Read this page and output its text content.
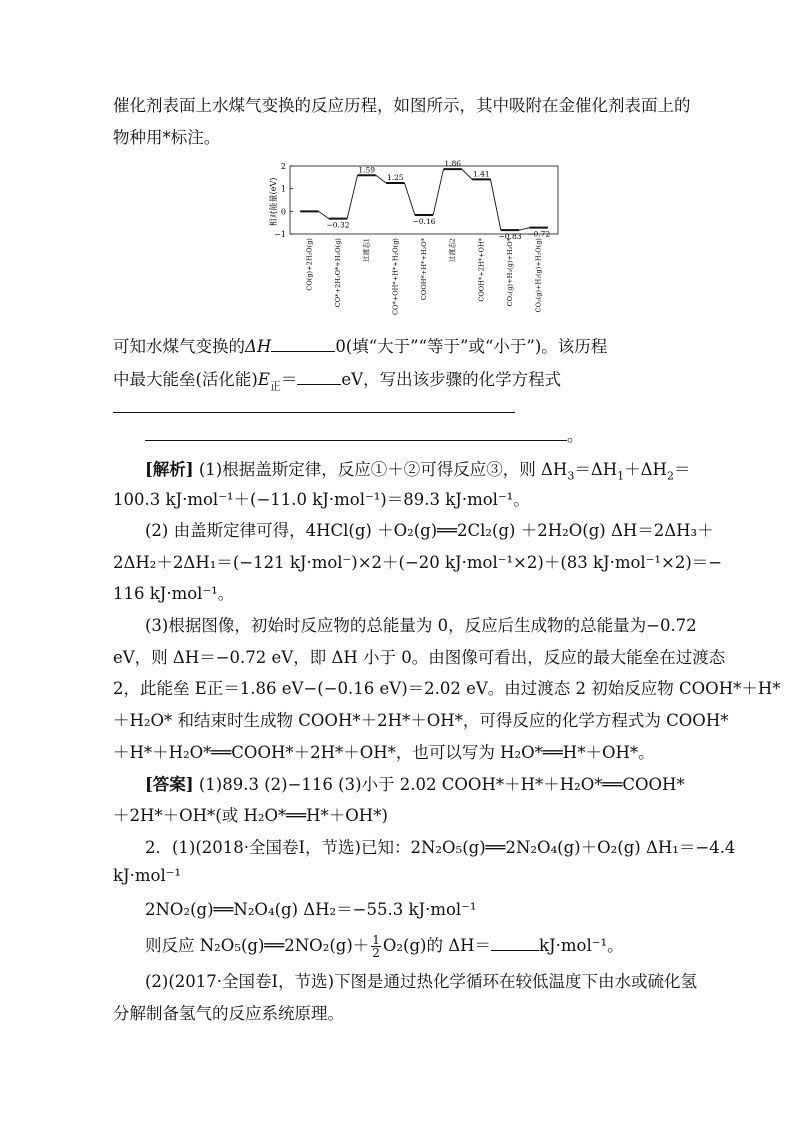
催化剂表面上水煤气变换的反应历程，如图所示，其中吸附在金催化剂表面上的
物种用*标注。
相对能量(eV)
2
1
0
−1
CO(g)+2H₂O(g)
−0.32
CO*+2H₂O*+H₂O(g)
1.59
过渡态1
1.25
CO*+OH*+H*+H₂O(g)
−0.16
COOH*+H*+H₂O*
1.86
过渡态2
1.41
COOH*+2H*+OH*
−0.83
CO₂(g)+H₂(g)+H₂O*
−0.72
CO₂(g)+H₂(g)+H₂O(g)
可知水煤气变换的ΔH	0(填“大于”“等于”或“小于”)。该历程
中最大能垒(活化能)$E_正=$	eV，写出该步骤的化学方程式
。
[解析] (1)根据盖斯定律，反应①＋②可得反应③，则 $\Delta H_3=\Delta H_1+\Delta H_2=$
100.3 kJ·mol⁻¹＋(−11.0 kJ·mol⁻¹)＝89.3 kJ·mol⁻¹。
(2) 由盖斯定律可得，4HCl(g) ＋O₂(g)══2Cl₂(g) ＋2H₂O(g) ΔH＝2ΔH₃＋
2ΔH₂＋2ΔH₁＝(−121 kJ·mol⁻)×2＋(−20 kJ·mol⁻¹×2)＋(83 kJ·mol⁻¹×2)＝−
116 kJ·mol⁻¹。
(3)根据图像，初始时反应物的总能量为 0，反应后生成物的总能量为−0.72
eV，则 ΔH＝−0.72 eV，即 ΔH 小于 0。由图像可看出，反应的最大能垒在过渡态
2，此能垒 E正＝1.86 eV−(−0.16 eV)＝2.02 eV。由过渡态 2 初始反应物 COOH*＋H*
＋H₂O* 和结束时生成物 COOH*＋2H*＋OH*，可得反应的化学方程式为 COOH*
＋H*＋H₂O*══COOH*＋2H*＋OH*，也可以写为 H₂O*══H*＋OH*。
[答案] (1)89.3 (2)−116 (3)小于 2.02 COOH*＋H*＋H₂O*══COOH*
＋2H*＋OH*(或 H₂O*══H*＋OH*)
2．(1)(2018·全国卷Ⅰ，节选)已知：2N₂O₅(g)══2N₂O₄(g)＋O₂(g) ΔH₁＝−4.4
kJ·mol⁻¹
2NO₂(g)══N₂O₄(g) ΔH₂＝−55.3 kJ·mol⁻¹
则反应 N₂O₅(g)══2NO₂(g)＋ $\frac{1}{2} O_2(g)$的 ΔH＝	kJ·mol⁻¹。
(2)(2017·全国卷Ⅰ，节选)下图是通过热化学循环在较低温度下由水或硫化氢
分解制备氢气的反应系统原理。
